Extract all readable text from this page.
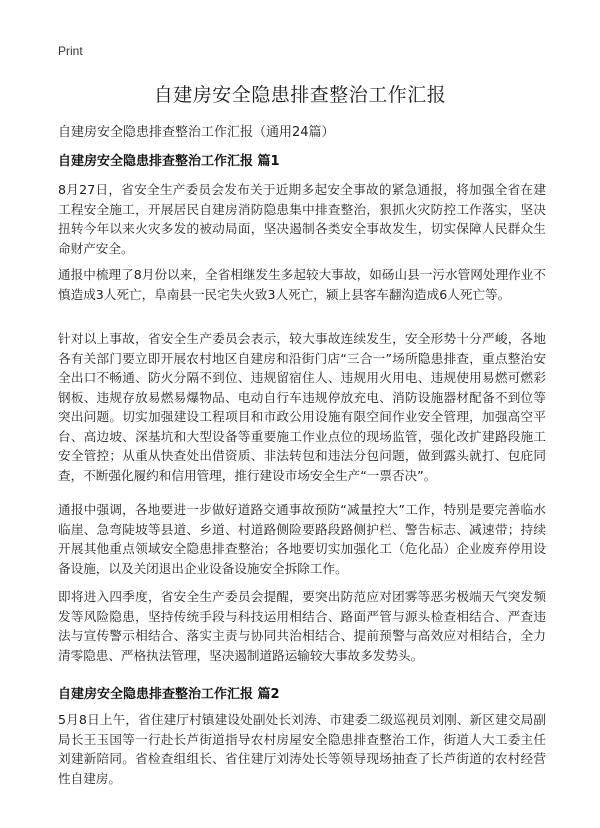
Print
自建房安全隐患排查整治工作汇报
自建房安全隐患排查整治工作汇报（通用24篇）
自建房安全隐患排查整治工作汇报 篇1

8月27日，省安全生产委员会发布关于近期多起安全事故的紧急通报，将加强全省在建工程安全施工，开展居民自建房消防隐患集中排查整治，狠抓火灾防控工作落实，坚决扭转今年以来火灾多发的被动局面，坚决遏制各类安全事故发生，切实保障人民群众生命财产安全。

通报中梳理了8月份以来，全省相继发生多起较大事故，如砀山县一污水管网处理作业不慎造成3人死亡，阜南县一民宅失火致3人死亡，颍上县客车翻沟造成6人死亡等。

针对以上事故，省安全生产委员会表示，较大事故连续发生，安全形势十分严峻，各地各有关部门要立即开展农村地区自建房和沿街门店“三合一”场所隐患排查，重点整治安全出口不畅通、防火分隔不到位、违规留宿住人、违规用火用电、违规使用易燃可燃彩钢板、违规存放易燃易爆物品、电动自行车违规停放充电、消防设施器材配备不到位等突出问题。切实加强建设工程项目和市政公用设施有限空间作业安全管理，加强高空平台、高边坡、深基坑和大型设备等重要施工作业点位的现场监管，强化改扩建路段施工安全管控；从重从快查处出借资质、非法转包和违法分包问题，做到露头就打、包庇同查，不断强化履约和信用管理，推行建设市场安全生产“一票否决”。

通报中强调，各地要进一步做好道路交通事故预防“减量控大”工作，特别是要完善临水临崖、急弯陡坡等县道、乡道、村道路侧险要路段路侧护栏、警告标志、减速带；持续开展其他重点领域安全隐患排查整治；各地要切实加强化工（危化品）企业废弃停用设备设施，以及关闭退出企业设备设施安全拆除工作。

即将进入四季度，省安全生产委员会提醒，要突出防范应对团雾等恶劣极端天气突发频发等风险隐患，坚持传统手段与科技运用相结合、路面严管与源头检查相结合、严查违法与宣传警示相结合、落实主责与协同共治相结合、提前预警与高效应对相结合，全力清零隐患、严格执法管理，坚决遏制道路运输较大事故多发势头。

自建房安全隐患排查整治工作汇报 篇2

5月8日上午，省住建厅村镇建设处副处长刘涛、市建委二级巡视员刘刚、新区建交局副局长王玉国等一行赴长芦街道指导农村房屋安全隐患排查整治工作，街道人大工委主任刘建新陪同。省检查组组长、省住建厅刘涛处长等领导现场抽查了长芦街道的农村经营性自建房。
